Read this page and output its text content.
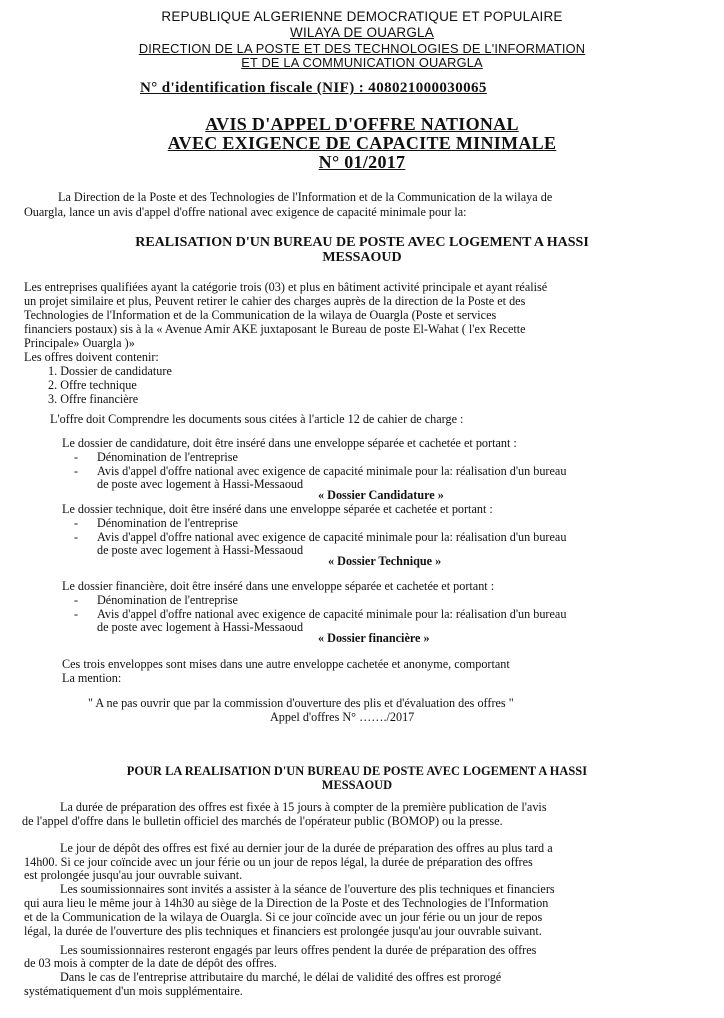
REPUBLIQUE ALGERIENNE DEMOCRATIQUE ET POPULAIRE
WILAYA DE OUARGLA
DIRECTION DE LA POSTE ET DES TECHNOLOGIES DE L'INFORMATION
ET DE LA COMMUNICATION OUARGLA
N° d'identification fiscale (NIF) : 408021000030065
AVIS D'APPEL D'OFFRE NATIONAL
AVEC EXIGENCE DE CAPACITE MINIMALE
N° 01/2017
La Direction de la Poste et des Technologies de l'Information et de la Communication de la wilaya de
Ouargla, lance un avis d'appel d'offre national avec exigence de capacité minimale pour la:
REALISATION D'UN BUREAU DE POSTE AVEC LOGEMENT A HASSI
MESSAOUD
Les entreprises qualifiées ayant la catégorie trois (03) et plus en bâtiment activité principale et ayant réalisé
un projet similaire et plus, Peuvent retirer le cahier des charges auprès de la direction de la Poste et des
Technologies de l'Information et de la Communication de la wilaya de Ouargla (Poste et services
financiers postaux) sis à la « Avenue Amir AKE juxtaposant le Bureau de poste El-Wahat ( l'ex Recette
Principale» Ouargla )»
Les offres doivent contenir:
1. Dossier de candidature
2. Offre technique
3. Offre financière
L'offre doit Comprendre les documents sous citées à l'article 12 de cahier de charge :
Le dossier de candidature, doit être inséré dans une enveloppe séparée et cachetée et portant :
- Dénomination de l'entreprise
- Avis d'appel d'offre national avec exigence de capacité minimale pour la: réalisation d'un bureau
de poste avec logement à Hassi-Messaoud
« Dossier Candidature »
Le dossier technique, doit être inséré dans une enveloppe séparée et cachetée et portant :
- Dénomination de l'entreprise
- Avis d'appel d'offre national avec exigence de capacité minimale pour la: réalisation d'un bureau
de poste avec logement à Hassi-Messaoud
« Dossier Technique »
Le dossier financière, doit être inséré dans une enveloppe séparée et cachetée et portant :
- Dénomination de l'entreprise
- Avis d'appel d'offre national avec exigence de capacité minimale pour la: réalisation d'un bureau
de poste avec logement à Hassi-Messaoud
« Dossier financière »
Ces trois enveloppes sont mises dans une autre enveloppe cachetée et anonyme, comportant
La mention:
" A ne pas ouvrir que par la commission d'ouverture des plis et d'évaluation des offres "
Appel d'offres N° ……./2017
POUR LA REALISATION D'UN BUREAU DE POSTE AVEC LOGEMENT A HASSI
MESSAOUD
La durée de préparation des offres est fixée à 15 jours à compter de la première publication de l'avis
de l'appel d'offre dans le bulletin officiel des marchés de l'opérateur public (BOMOP) ou la presse.
Le jour de dépôt des offres est fixé au dernier jour de la durée de préparation des offres au plus tard a
14h00. Si ce jour coïncide avec un jour férie ou un jour de repos légal, la durée de préparation des offres
est prolongée jusqu'au jour ouvrable suivant.
Les soumissionnaires sont invités a assister à la séance de l'ouverture des plis techniques et financiers
qui aura lieu le même jour à 14h30 au siège de la Direction de la Poste et des Technologies de l'Information
et de la Communication de la wilaya de Ouargla. Si ce jour coïncide avec un jour férie ou un jour de repos
légal, la durée de l'ouverture des plis techniques et financiers est prolongée jusqu'au jour ouvrable suivant.
Les soumissionnaires resteront engagés par leurs offres pendent la durée de préparation des offres
de 03 mois à compter de la date de dépôt des offres.
Dans le cas de l'entreprise attributaire du marché, le délai de validité des offres est prorogé
systématiquement d'un mois supplémentaire.
